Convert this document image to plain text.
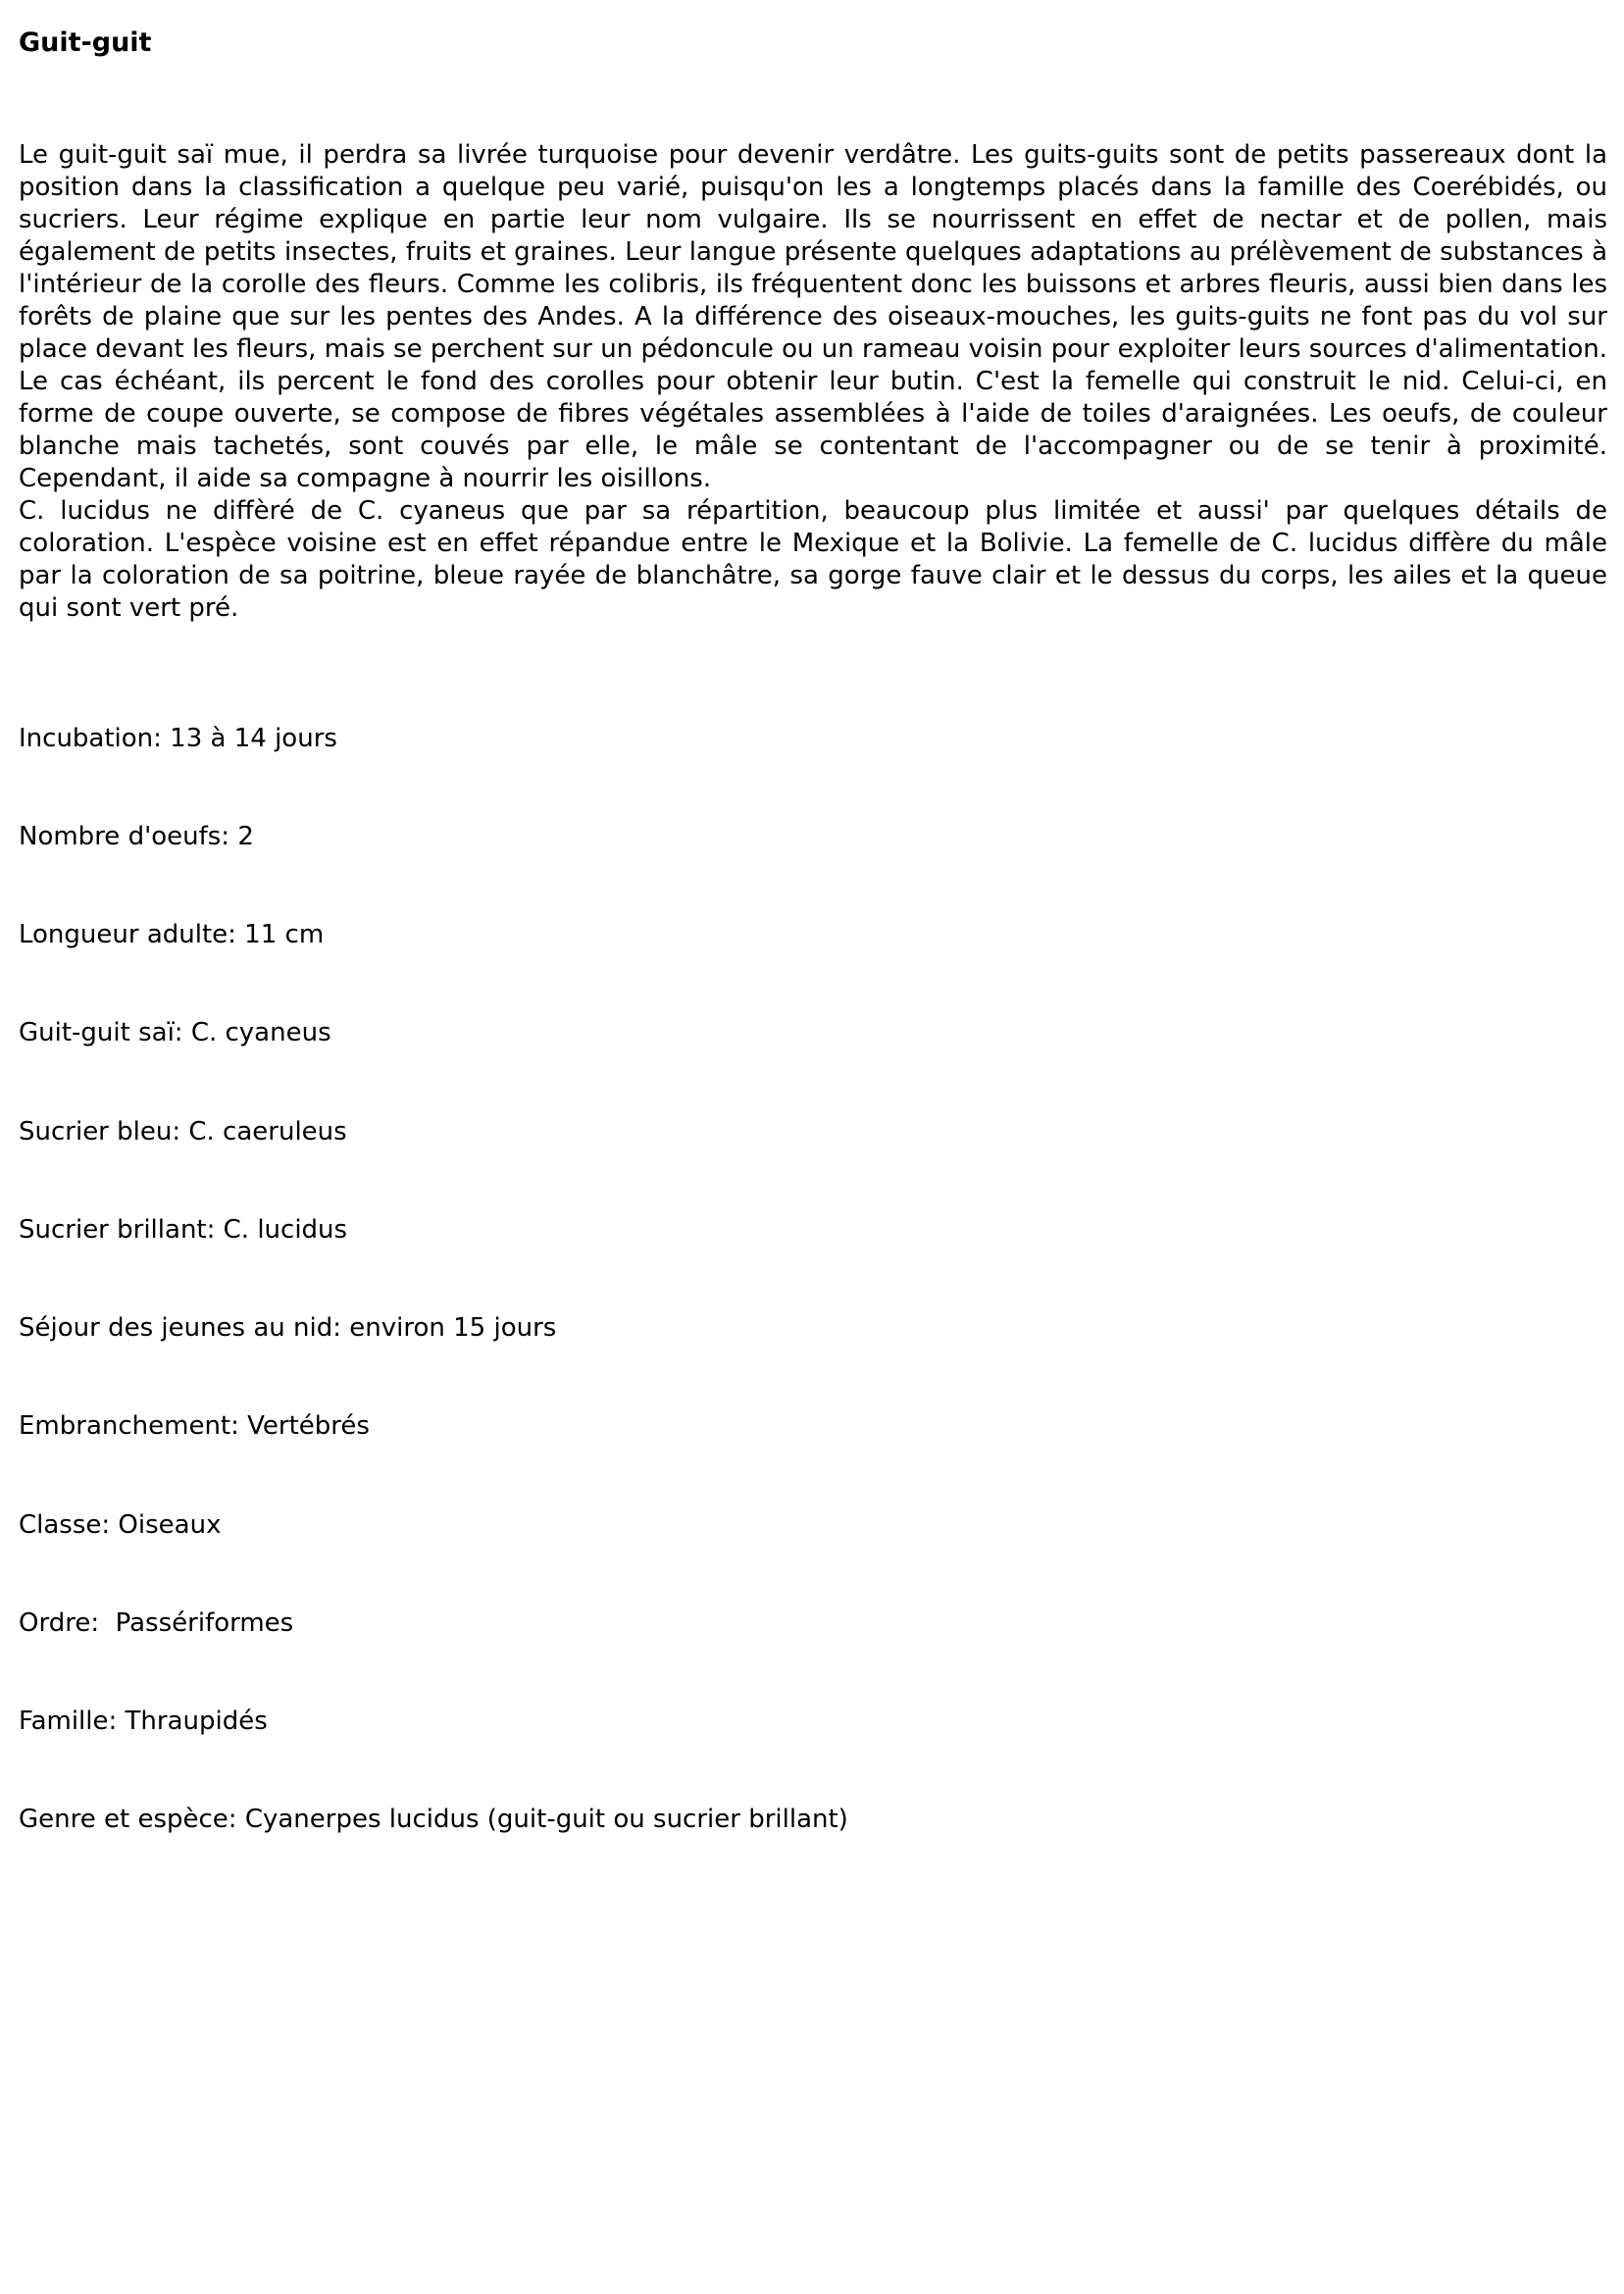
Guit-guit

Le guit-guit saï mue, il perdra sa livrée turquoise pour devenir verdâtre. Les guits-guits sont de petits passereaux dont la position dans la classification a quelque peu varié, puisqu'on les a longtemps placés dans la famille des Coerébidés, ou sucriers. Leur régime explique en partie leur nom vulgaire. Ils se nourrissent en effet de nectar et de pollen, mais également de petits insectes, fruits et graines. Leur langue présente quelques adaptations au prélèvement de substances à l'intérieur de la corolle des fleurs. Comme les colibris, ils fréquentent donc les buissons et arbres fleuris, aussi bien dans les forêts de plaine que sur les pentes des Andes. A la différence des oiseaux-mouches, les guits-guits ne font pas du vol sur place devant les fleurs, mais se perchent sur un pédoncule ou un rameau voisin pour exploiter leurs sources d'alimentation. Le cas échéant, ils percent le fond des corolles pour obtenir leur butin. C'est la femelle qui construit le nid. Celui-ci, en forme de coupe ouverte, se compose de fibres végétales assemblées à l'aide de toiles d'araignées. Les oeufs, de couleur blanche mais tachetés, sont couvés par elle, le mâle se contentant de l'accompagner ou de se tenir à proximité. Cependant, il aide sa compagne à nourrir les oisillons.

C. lucidus ne diffèré de C. cyaneus que par sa répartition, beaucoup plus limitée et aussi' par quelques détails de coloration. L'espèce voisine est en effet répandue entre le Mexique et la Bolivie. La femelle de C. lucidus diffère du mâle par la coloration de sa poitrine, bleue rayée de blanchâtre, sa gorge fauve clair et le dessus du corps, les ailes et la queue qui sont vert pré.

Incubation: 13 à 14 jours

Nombre d'oeufs: 2

Longueur adulte: 11 cm

Guit-guit saï: C. cyaneus

Sucrier bleu: C. caeruleus

Sucrier brillant: C. lucidus

Séjour des jeunes au nid: environ 15 jours

Embranchement: Vertébrés

Classe: Oiseaux

Ordre:  Passériformes

Famille: Thraupidés

Genre et espèce: Cyanerpes lucidus (guit-guit ou sucrier brillant)
